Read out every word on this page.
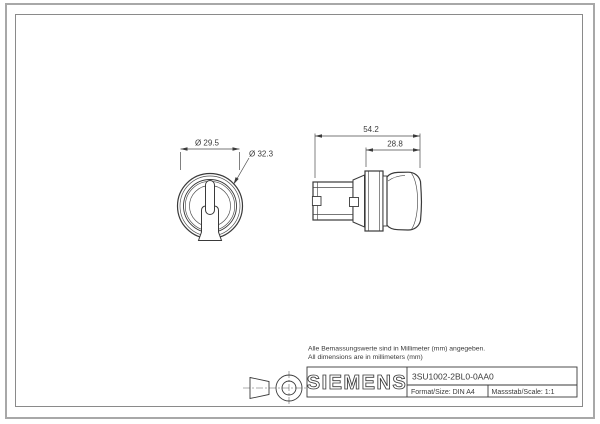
Ø 29.5
Ø 32.3
54.2
28.8
Alle Bemassungswerte sind in Millimeter (mm) angegeben.
All dimensions are in millimeters (mm)
SIEMENS 3SU1002-2BL0-0AA0
Format/Size: DIN A4 Massstab/Scale: 1:1
